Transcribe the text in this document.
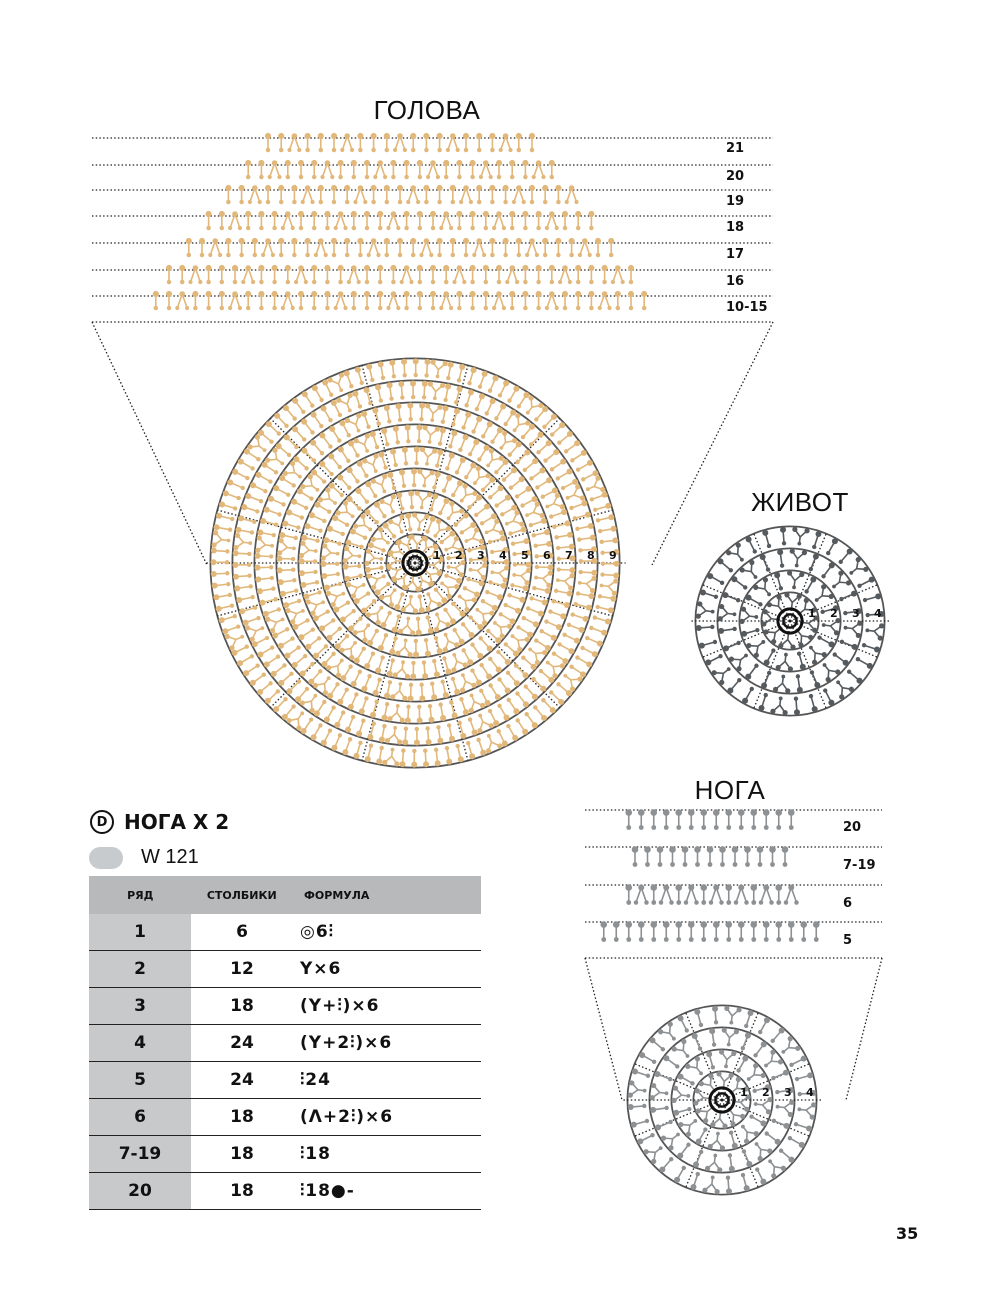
ГОЛОВА
1 2 3 4 5 6 7 8 9
1 2 3 4
1 2 3 4
21
20
19
18
17
16
10-15
ЖИВОТ
НОГА
20
7-19
6
5
D НОГА Х 2
W 121
РЯД	СТОЛБИКИ	ФОРМУЛА
1	6	◎6⫶
2	12	Y×6
3	18	(Y+⫶)×6
4	24	(Y+2⫶)×6
5	24	⫶24
6	18	(Λ+2⫶)×6
7-19	18	⫶18
20	18	⫶18●-
35
